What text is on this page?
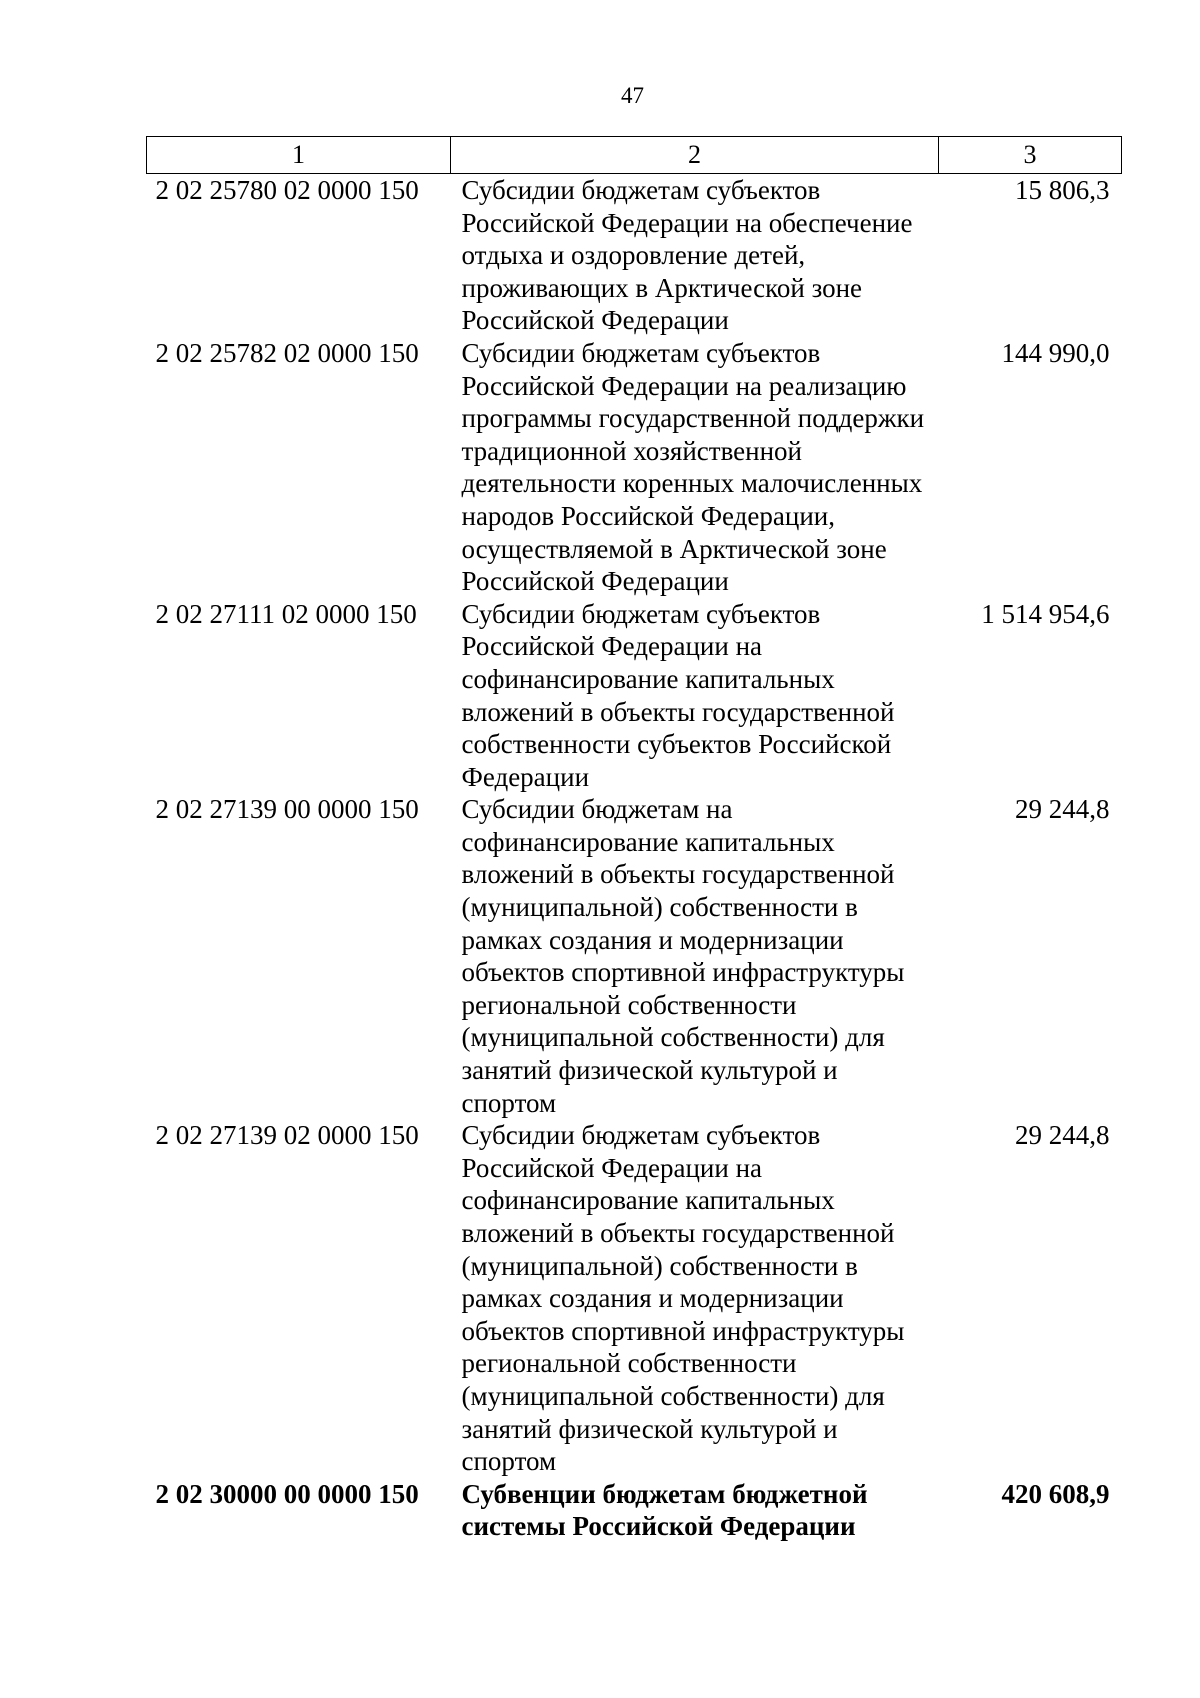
47
1	2	3
2 02 25780 02 0000 150	Субсидии бюджетам субъектов Российской Федерации на обеспечение отдыха и оздоровление детей, проживающих в Арктической зоне Российской Федерации	15 806,3
2 02 25782 02 0000 150	Субсидии бюджетам субъектов Российской Федерации на реализацию программы государственной поддержки традиционной хозяйственной деятельности коренных малочисленных народов Российской Федерации, осуществляемой в Арктической зоне Российской Федерации	144 990,0
2 02 27111 02 0000 150	Субсидии бюджетам субъектов Российской Федерации на софинансирование капитальных вложений в объекты государственной собственности субъектов Российской Федерации	1 514 954,6
2 02 27139 00 0000 150	Субсидии бюджетам на софинансирование капитальных вложений в объекты государственной (муниципальной) собственности в рамках создания и модернизации объектов спортивной инфраструктуры региональной собственности (муниципальной собственности) для занятий физической культурой и спортом	29 244,8
2 02 27139 02 0000 150	Субсидии бюджетам субъектов Российской Федерации на софинансирование капитальных вложений в объекты государственной (муниципальной) собственности в рамках создания и модернизации объектов спортивной инфраструктуры региональной собственности (муниципальной собственности) для занятий физической культурой и спортом	29 244,8
2 02 30000 00 0000 150	Субвенции бюджетам бюджетной системы Российской Федерации	420 608,9
